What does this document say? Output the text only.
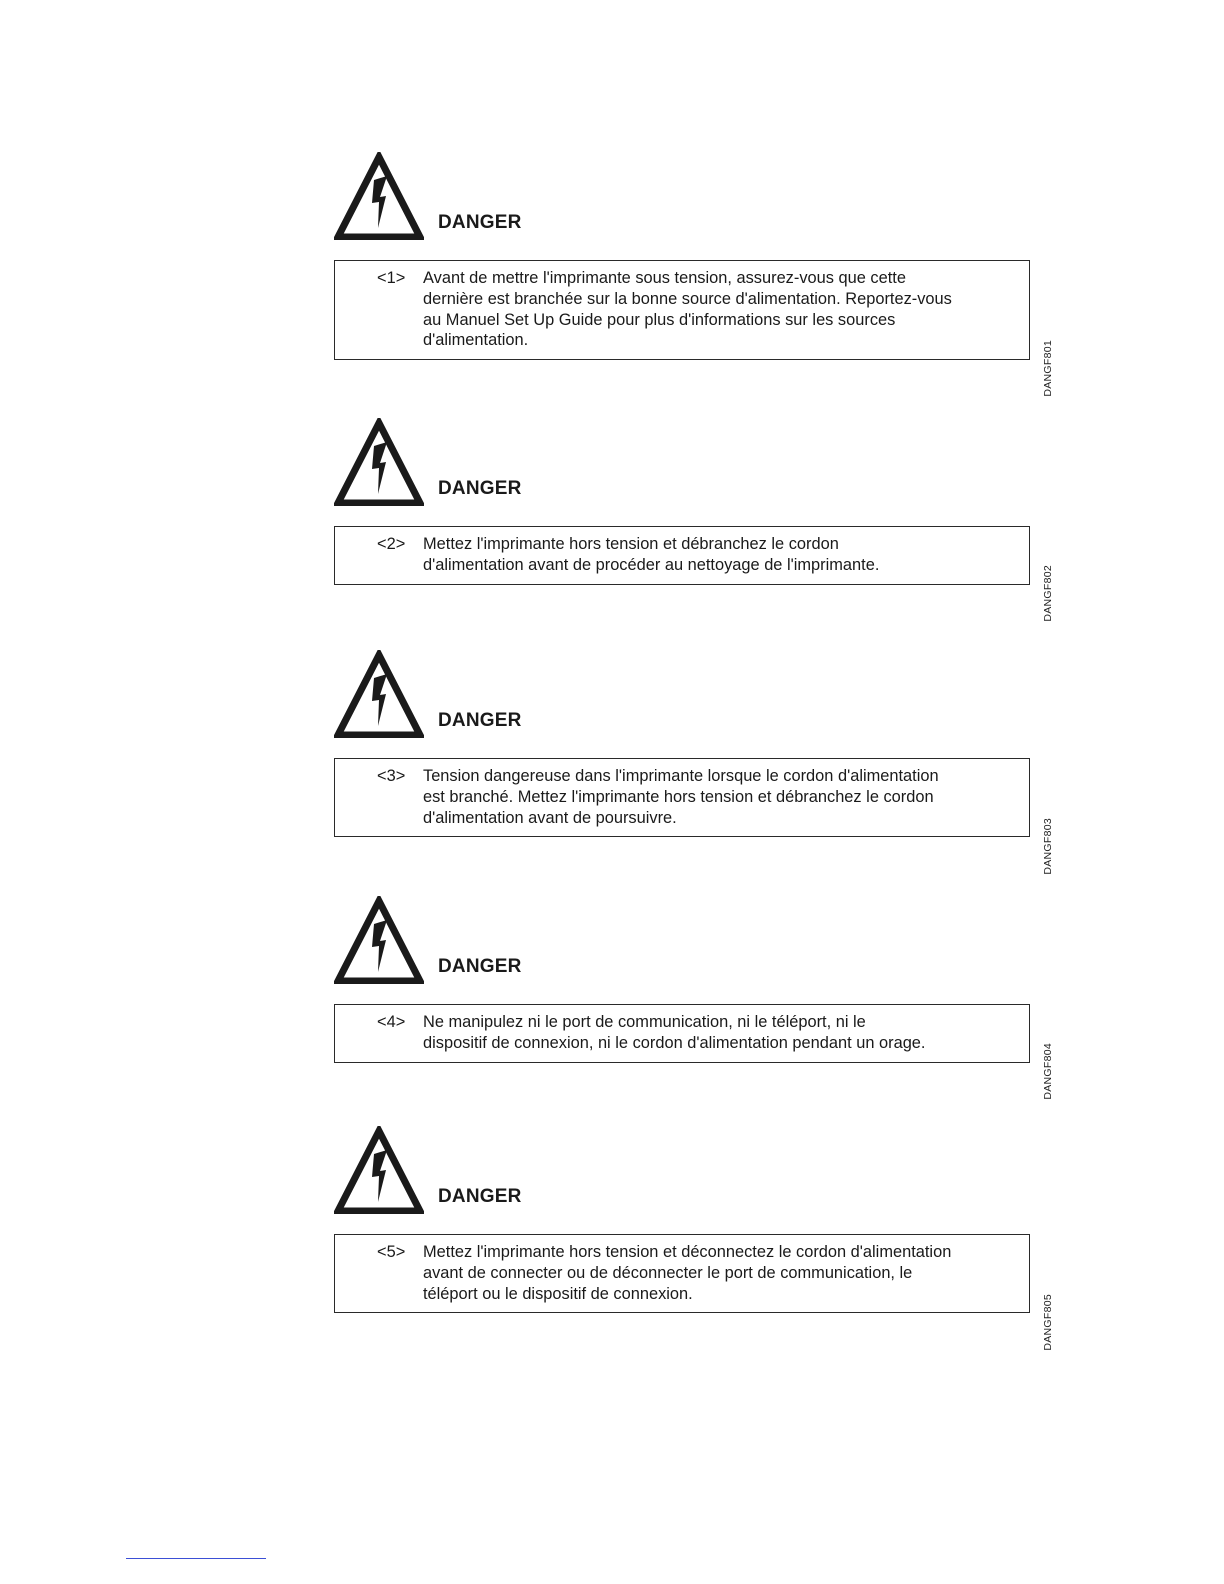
DANGER
<1>	Avant de mettre l'imprimante sous tension, assurez-vous que cette
dernière est branchée sur la bonne source d'alimentation. Reportez-vous
au Manuel Set Up Guide pour plus d'informations sur les sources
d'alimentation.	DANGF801
DANGER
<2>	Mettez l'imprimante hors tension et débranchez le cordon
d'alimentation avant de procéder au nettoyage de l'imprimante.	DANGF802
DANGER
<3>	Tension dangereuse dans l'imprimante lorsque le cordon d'alimentation
est branché. Mettez l'imprimante hors tension et débranchez le cordon
d'alimentation avant de poursuivre.	DANGF803
DANGER
<4>	Ne manipulez ni le port de communication, ni le téléport, ni le
dispositif de connexion, ni le cordon d'alimentation pendant un orage.	DANGF804
DANGER
<5>	Mettez l'imprimante hors tension et déconnectez le cordon d'alimentation
avant de connecter ou de déconnecter le port de communication, le
téléport ou le dispositif de connexion.	DANGF805
